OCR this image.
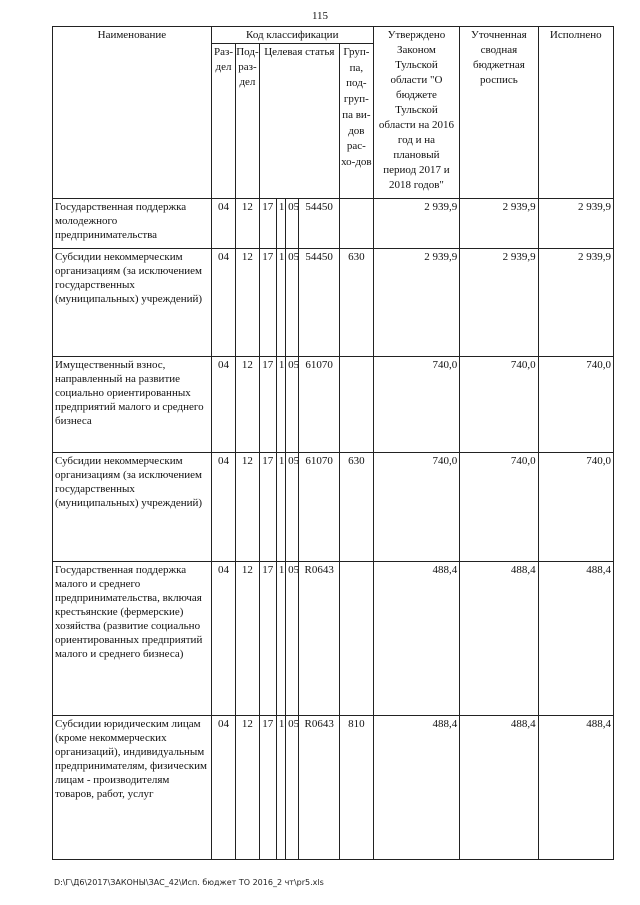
115
Наименование	Код классификации							Утверждено Законом Тульской области "О бюджете Тульской области на 2016 год и на плановый период 2017 и 2018 годов"	Уточненная сводная бюджетная роспись	Исполнено
	Раз-дел	Под-раз-дел	Целевая статья				Груп-па, под-груп-па ви-дов рас-хо-дов			
Государственная поддержка молодежного предпринимательства	04	12	17	1	05	54450		2 939,9	2 939,9	2 939,9
Субсидии некоммерческим организациям (за исключением государственных (муниципальных) учреждений)	04	12	17	1	05	54450	630	2 939,9	2 939,9	2 939,9
Имущественный взнос, направленный на развитие социально ориентированных предприятий малого и среднего бизнеса	04	12	17	1	05	61070		740,0	740,0	740,0
Субсидии некоммерческим организациям (за исключением государственных (муниципальных) учреждений)	04	12	17	1	05	61070	630	740,0	740,0	740,0
Государственная поддержка малого и среднего предпринимательства, включая крестьянские (фермерские) хозяйства (развитие социально ориентированных предприятий малого и среднего бизнеса)	04	12	17	1	05	R0643		488,4	488,4	488,4
Субсидии юридическим лицам (кроме некоммерческих организаций), индивидуальным предпринимателям, физическим лицам - производителям товаров, работ, услуг	04	12	17	1	05	R0643	810	488,4	488,4	488,4
D:\Г\Д6\2017\ЗАКОНЫ\ЗАС_42\Исп. бюджет ТО 2016_2 чт\pr5.xls
